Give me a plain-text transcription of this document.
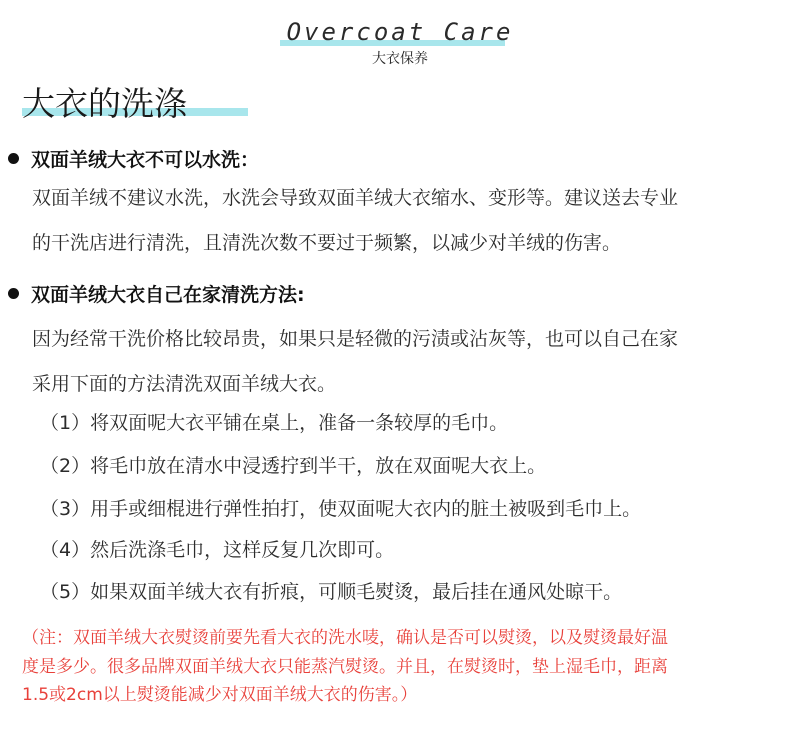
Overcoat Care
大衣保养
大衣的洗涤
双面羊绒大衣不可以水洗：
双面羊绒不建议水洗，水洗会导致双面羊绒大衣缩水、变形等。建议送去专业
的干洗店进行清洗，且清洗次数不要过于频繁，以减少对羊绒的伤害。
双面羊绒大衣自己在家清洗方法:
因为经常干洗价格比较昂贵，如果只是轻微的污渍或沾灰等，也可以自己在家
采用下面的方法清洗双面羊绒大衣。
（1）将双面呢大衣平铺在桌上，准备一条较厚的毛巾。
（2）将毛巾放在清水中浸透拧到半干，放在双面呢大衣上。
（3）用手或细棍进行弹性拍打，使双面呢大衣内的脏土被吸到毛巾上。
（4）然后洗涤毛巾，这样反复几次即可。
（5）如果双面羊绒大衣有折痕，可顺毛熨烫，最后挂在通风处晾干。
（注：双面羊绒大衣熨烫前要先看大衣的洗水唛，确认是否可以熨烫，以及熨烫最好温
度是多少。很多品牌双面羊绒大衣只能蒸汽熨烫。并且，在熨烫时，垫上湿毛巾，距离
1.5或2cm以上熨烫能减少对双面羊绒大衣的伤害。）
